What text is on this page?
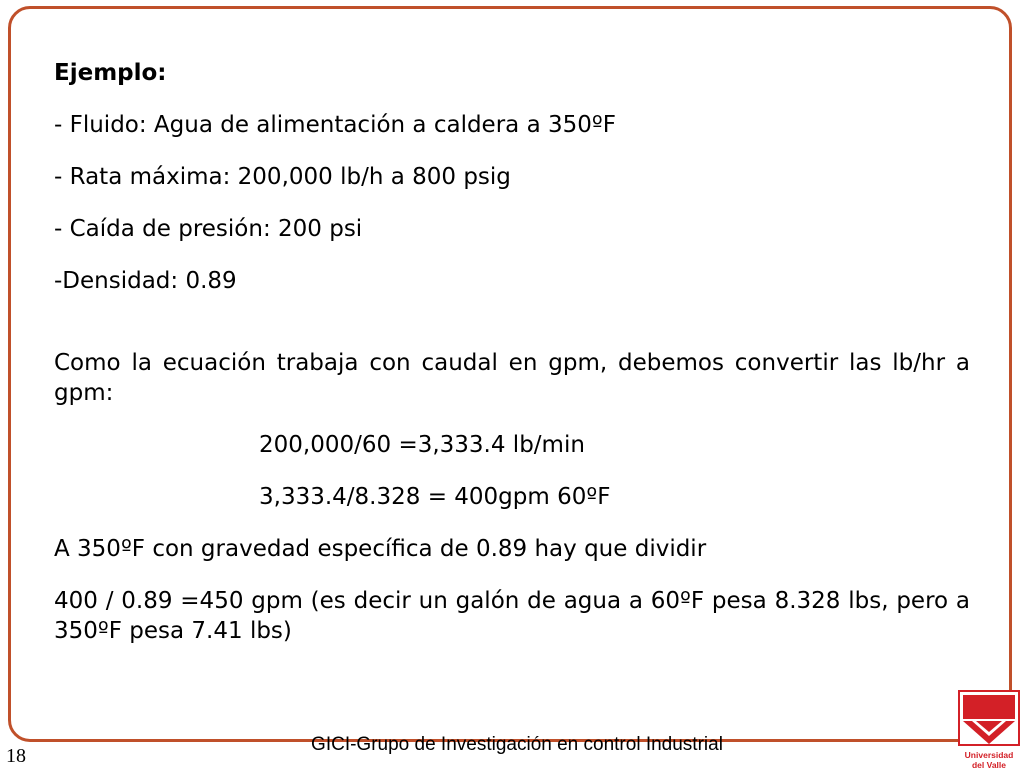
Ejemplo:

- Fluido: Agua de alimentación a caldera a 350ºF

- Rata máxima: 200,000 lb/h a 800 psig

- Caída de presión: 200 psi

-Densidad: 0.89

Como la ecuación trabaja con caudal en gpm, debemos convertir las lb/hr a gpm:

200,000/60 =3,333.4 lb/min

3,333.4/8.328 = 400gpm 60ºF

A 350ºF con gravedad específica de 0.89 hay que dividir

400 / 0.89 =450 gpm (es decir un galón de agua a 60ºF pesa 8.328 lbs, pero a 350ºF pesa 7.41 lbs)

GICI-Grupo de Investigación en control Industrial
18	Universidad
del Valle
